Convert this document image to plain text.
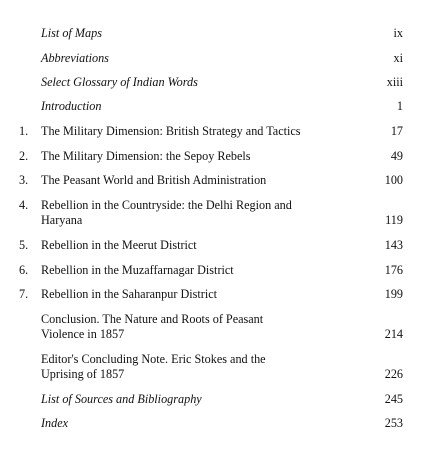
List of Maps	ix
Abbreviations	xi
Select Glossary of Indian Words	xiii
Introduction	1
1.	The Military Dimension: British Strategy and Tactics	17
2.	The Military Dimension: the Sepoy Rebels	49
3.	The Peasant World and British Administration	100
4.	Rebellion in the Countryside: the Delhi Region and
Haryana	119
5.	Rebellion in the Meerut District	143
6.	Rebellion in the Muzaffarnagar District	176
7.	Rebellion in the Saharanpur District	199
Conclusion. The Nature and Roots of Peasant
Violence in 1857	214
Editor's Concluding Note. Eric Stokes and the
Uprising of 1857	226
List of Sources and Bibliography	245
Index	253
